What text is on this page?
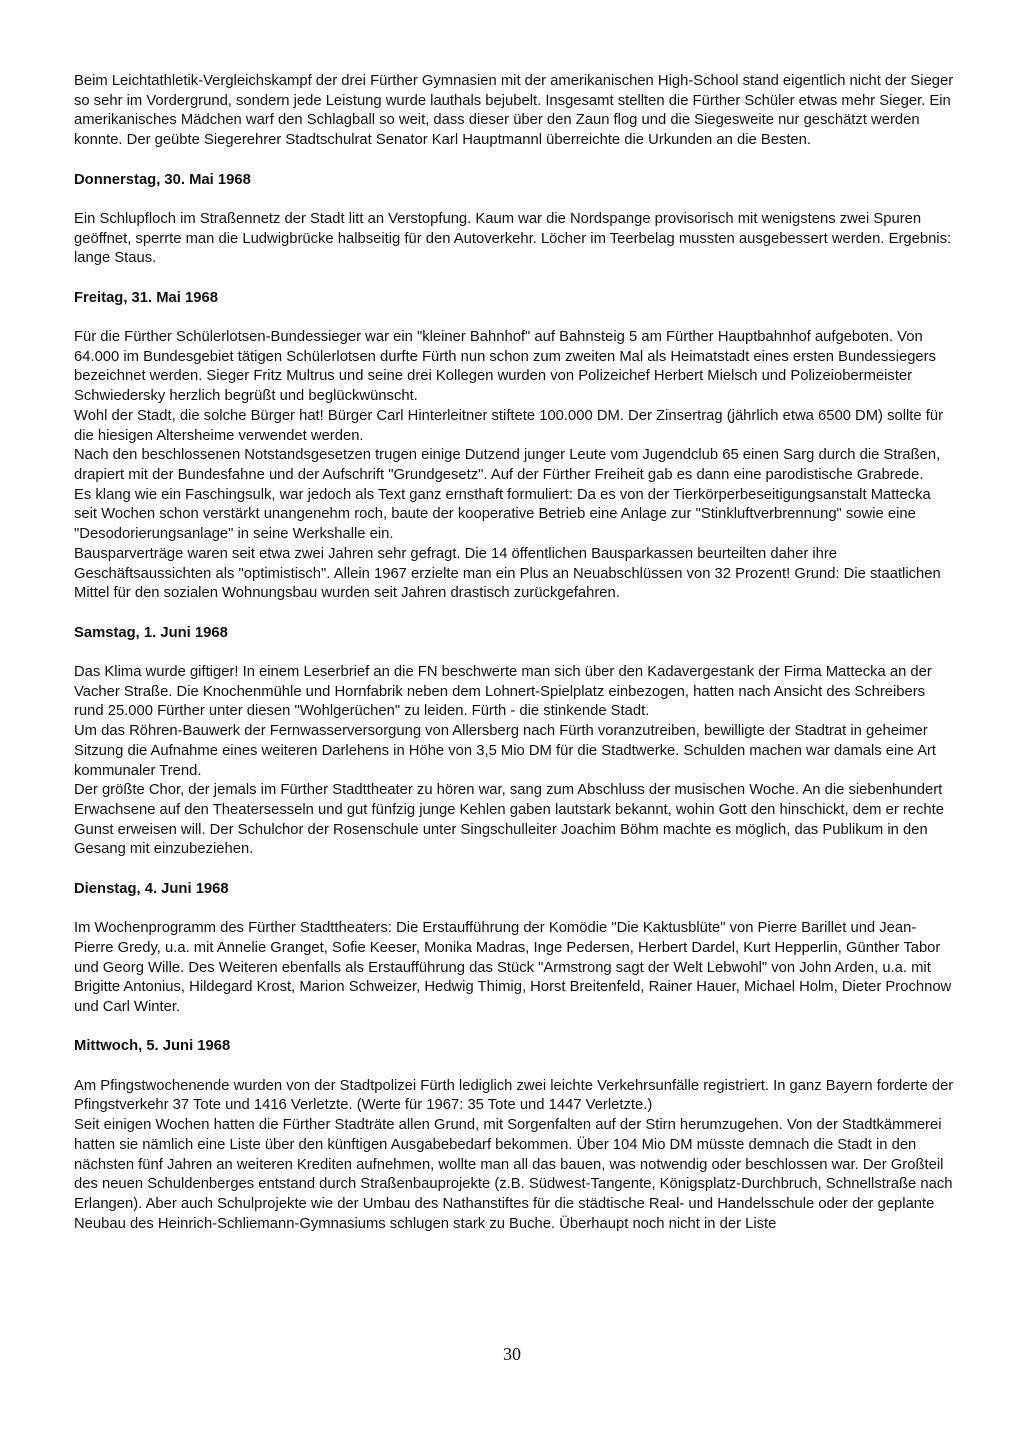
Beim Leichtathletik-Vergleichskampf der drei Fürther Gymnasien mit der amerikanischen High-School stand eigentlich nicht der Sieger so sehr im Vordergrund, sondern jede Leistung wurde lauthals bejubelt. Insgesamt stellten die Fürther Schüler etwas mehr Sieger. Ein amerikanisches Mädchen warf den Schlagball so weit, dass dieser über den Zaun flog und die Siegesweite nur geschätzt werden konnte. Der geübte Siegerehrer Stadtschulrat Senator Karl Hauptmannl überreichte die Urkunden an die Besten.

Donnerstag, 30. Mai 1968

Ein Schlupfloch im Straßennetz der Stadt litt an Verstopfung. Kaum war die Nordspange provisorisch mit wenigstens zwei Spuren geöffnet, sperrte man die Ludwigbrücke halbseitig für den Autoverkehr. Löcher im Teerbelag mussten ausgebessert werden. Ergebnis: lange Staus.

Freitag, 31. Mai 1968

Für die Fürther Schülerlotsen-Bundessieger war ein "kleiner Bahnhof" auf Bahnsteig 5 am Fürther Hauptbahnhof aufgeboten. Von 64.000 im Bundesgebiet tätigen Schülerlotsen durfte Fürth nun schon zum zweiten Mal als Heimatstadt eines ersten Bundessiegers bezeichnet werden. Sieger Fritz Multrus und seine drei Kollegen wurden von Polizeichef Herbert Mielsch und Polizeiobermeister Schwiedersky herzlich begrüßt und beglückwünscht.

Wohl der Stadt, die solche Bürger hat! Bürger Carl Hinterleitner stiftete 100.000 DM. Der Zinsertrag (jährlich etwa 6500 DM) sollte für die hiesigen Altersheime verwendet werden.

Nach den beschlossenen Notstandsgesetzen trugen einige Dutzend junger Leute vom Jugendclub 65 einen Sarg durch die Straßen, drapiert mit der Bundesfahne und der Aufschrift "Grundgesetz". Auf der Fürther Freiheit gab es dann eine parodistische Grabrede.

Es klang wie ein Faschingsulk, war jedoch als Text ganz ernsthaft formuliert: Da es von der Tierkörperbeseitigungsanstalt Mattecka seit Wochen schon verstärkt unangenehm roch, baute der kooperative Betrieb eine Anlage zur "Stinkluftverbrennung" sowie eine "Desodorierungsanlage" in seine Werkshalle ein.

Bausparverträge waren seit etwa zwei Jahren sehr gefragt. Die 14 öffentlichen Bausparkassen beurteilten daher ihre Geschäftsaussichten als "optimistisch". Allein 1967 erzielte man ein Plus an Neuabschlüssen von 32 Prozent! Grund: Die staatlichen Mittel für den sozialen Wohnungsbau wurden seit Jahren drastisch zurückgefahren.

Samstag, 1. Juni 1968

Das Klima wurde giftiger! In einem Leserbrief an die FN beschwerte man sich über den Kadavergestank der Firma Mattecka an der Vacher Straße. Die Knochenmühle und Hornfabrik neben dem Lohnert-Spielplatz einbezogen, hatten nach Ansicht des Schreibers rund 25.000 Fürther unter diesen "Wohlgerüchen" zu leiden. Fürth - die stinkende Stadt.

Um das Röhren-Bauwerk der Fernwasserversorgung von Allersberg nach Fürth voranzutreiben, bewilligte der Stadtrat in geheimer Sitzung die Aufnahme eines weiteren Darlehens in Höhe von 3,5 Mio DM für die Stadtwerke. Schulden machen war damals eine Art kommunaler Trend.

Der größte Chor, der jemals im Fürther Stadttheater zu hören war, sang zum Abschluss der musischen Woche. An die siebenhundert Erwachsene auf den Theatersesseln und gut fünfzig junge Kehlen gaben lautstark bekannt, wohin Gott den hinschickt, dem er rechte Gunst erweisen will. Der Schulchor der Rosenschule unter Singschulleiter Joachim Böhm machte es möglich, das Publikum in den Gesang mit einzubeziehen.

Dienstag, 4. Juni 1968

Im Wochenprogramm des Fürther Stadttheaters: Die Erstaufführung der Komödie "Die Kaktusblüte" von Pierre Barillet und Jean-Pierre Gredy, u.a. mit Annelie Granget, Sofie Keeser, Monika Madras, Inge Pedersen, Herbert Dardel, Kurt Hepperlin, Günther Tabor und Georg Wille. Des Weiteren ebenfalls als Erstaufführung das Stück "Armstrong sagt der Welt Lebwohl" von John Arden, u.a. mit Brigitte Antonius, Hildegard Krost, Marion Schweizer, Hedwig Thimig, Horst Breitenfeld, Rainer Hauer, Michael Holm, Dieter Prochnow und Carl Winter.

Mittwoch, 5. Juni 1968

Am Pfingstwochenende wurden von der Stadtpolizei Fürth lediglich zwei leichte Verkehrsunfälle registriert. In ganz Bayern forderte der Pfingstverkehr 37 Tote und 1416 Verletzte. (Werte für 1967: 35 Tote und 1447 Verletzte.)

Seit einigen Wochen hatten die Fürther Stadträte allen Grund, mit Sorgenfalten auf der Stirn herumzugehen. Von der Stadtkämmerei hatten sie nämlich eine Liste über den künftigen Ausgabebedarf bekommen. Über 104 Mio DM müsste demnach die Stadt in den nächsten fünf Jahren an weiteren Krediten aufnehmen, wollte man all das bauen, was notwendig oder beschlossen war. Der Großteil des neuen Schuldenberges entstand durch Straßenbauprojekte (z.B. Südwest-Tangente, Königsplatz-Durchbruch, Schnellstraße nach Erlangen). Aber auch Schulprojekte wie der Umbau des Nathanstiftes für die städtische Real- und Handelsschule oder der geplante Neubau des Heinrich-Schliemann-Gymnasiums schlugen stark zu Buche. Überhaupt noch nicht in der Liste

30
